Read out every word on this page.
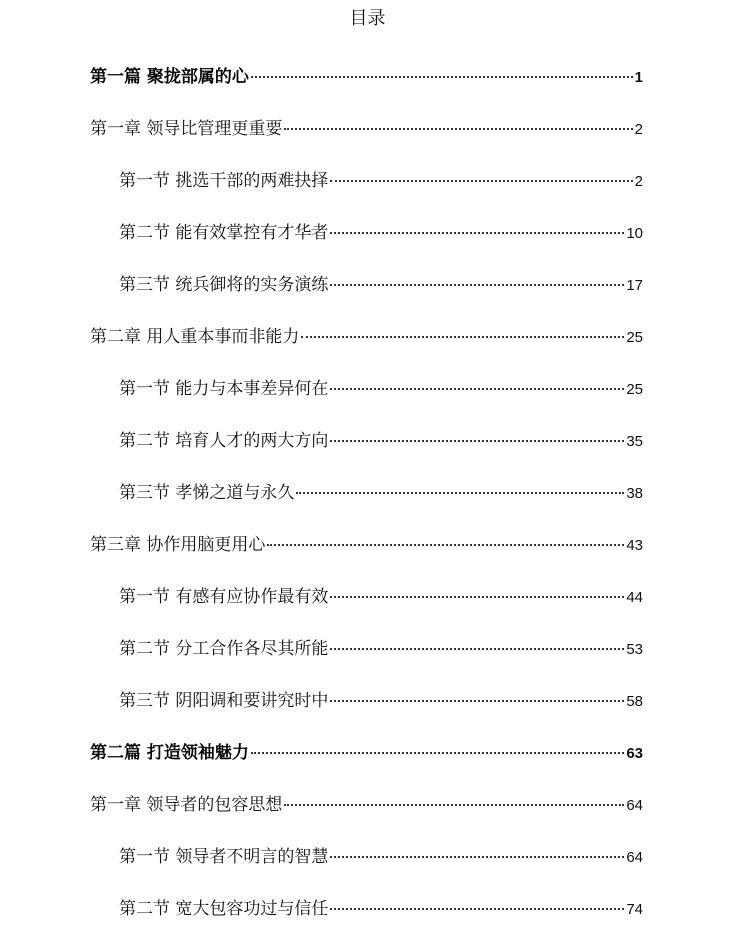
目录
第一篇 聚拢部属的心	1
第一章 领导比管理更重要	2
第一节 挑选干部的两难抉择	2
第二节 能有效掌控有才华者	10
第三节 统兵御将的实务演练	17
第二章 用人重本事而非能力	25
第一节 能力与本事差异何在	25
第二节 培育人才的两大方向	35
第三节 孝悌之道与永久	38
第三章 协作用脑更用心	43
第一节 有感有应协作最有效	44
第二节 分工合作各尽其所能	53
第三节 阴阳调和要讲究时中	58
第二篇 打造领袖魅力	63
第一章 领导者的包容思想	64
第一节 领导者不明言的智慧	64
第二节 宽大包容功过与信任	74
